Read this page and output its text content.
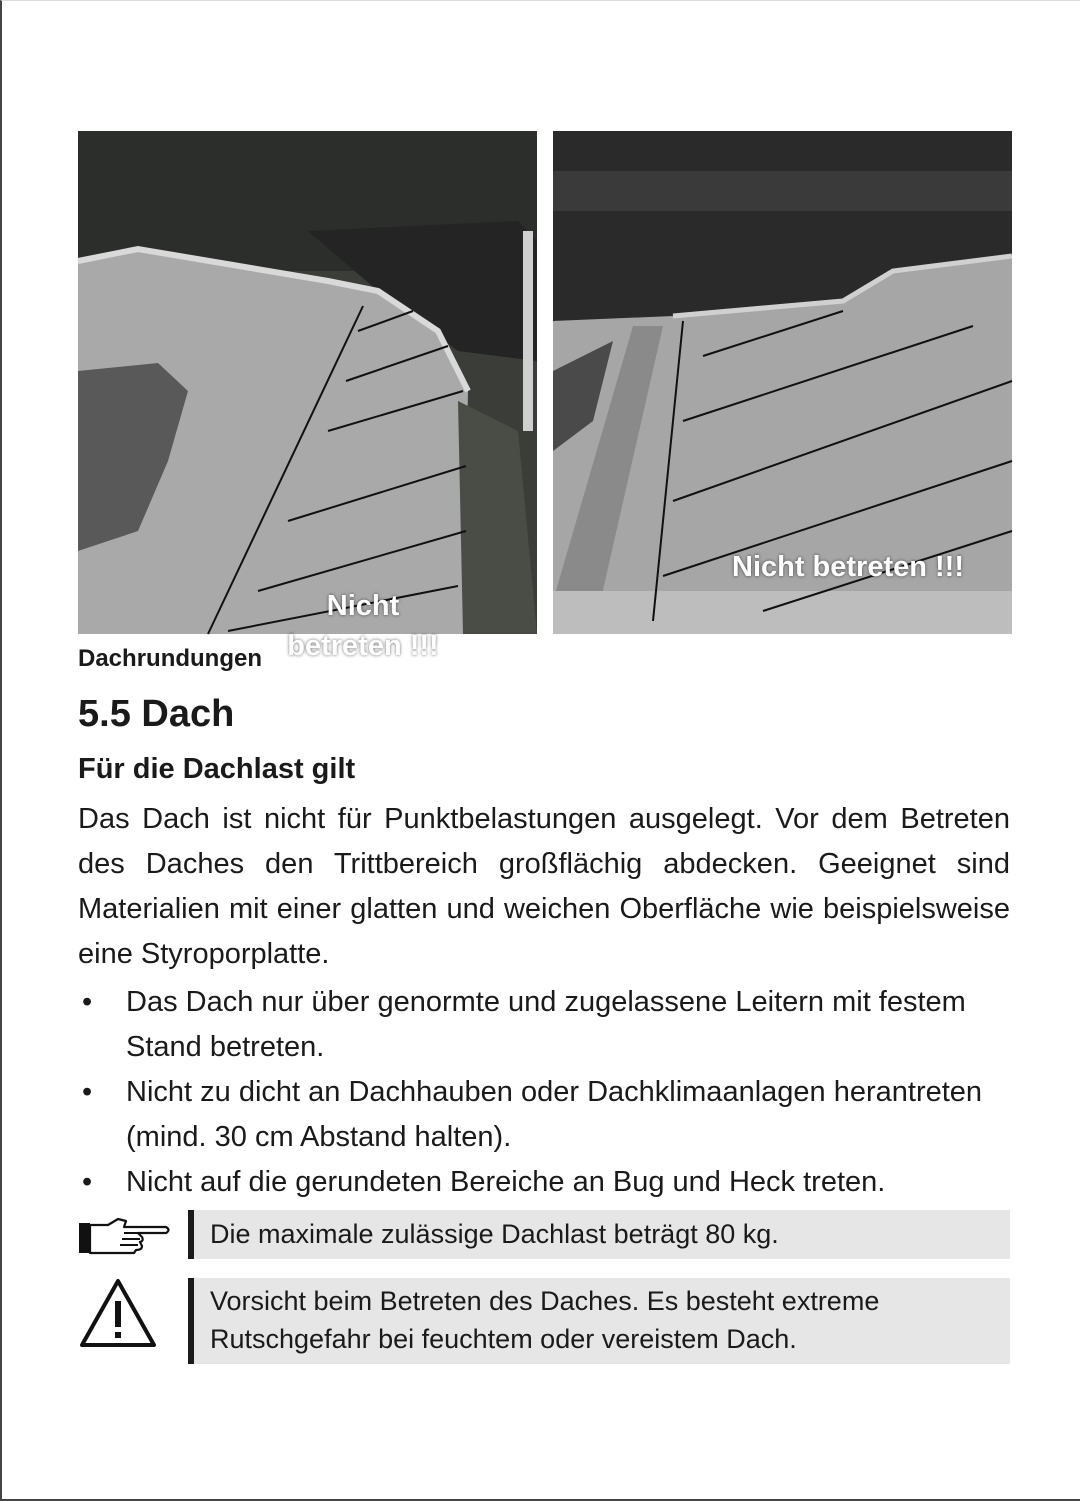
Nicht
betreten !!!
Nicht betreten !!!
Dachrundungen
5.5 Dach
Für die Dachlast gilt

Das Dach ist nicht für Punktbelastungen ausgelegt. Vor dem Betreten des Daches den Trittbereich großflächig abdecken. Geeignet sind Materialien mit einer glatten und weichen Oberfläche wie beispielsweise eine Styroporplatte.

• Das Dach nur über genormte und zugelassene Leitern mit festem Stand betreten.
• Nicht zu dicht an Dachhauben oder Dachklimaanlagen herantreten (mind. 30 cm Abstand halten).
• Nicht auf die gerundeten Bereiche an Bug und Heck treten.
Die maximale zulässige Dachlast beträgt 80 kg.
Vorsicht beim Betreten des Daches. Es besteht extreme Rutschgefahr bei feuchtem oder vereistem Dach.
